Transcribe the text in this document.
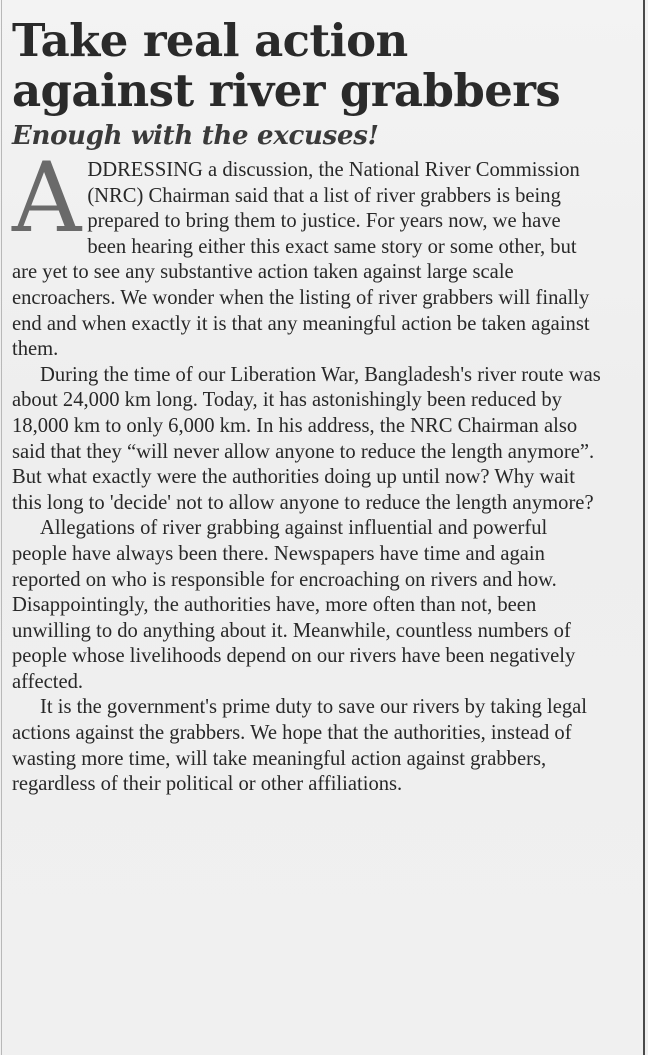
Take real action against river grabbers
Enough with the excuses!

ADDRESSING a discussion, the National River Commission (NRC) Chairman said that a list of river grabbers is being prepared to bring them to justice. For years now, we have been hearing either this exact same story or some other, but are yet to see any substantive action taken against large scale encroachers. We wonder when the listing of river grabbers will finally end and when exactly it is that any meaningful action be taken against them.

During the time of our Liberation War, Bangladesh's river route was about 24,000 km long. Today, it has astonishingly been reduced by 18,000 km to only 6,000 km. In his address, the NRC Chairman also said that they “will never allow anyone to reduce the length anymore”. But what exactly were the authorities doing up until now? Why wait this long to 'decide' not to allow anyone to reduce the length anymore?

Allegations of river grabbing against influential and powerful people have always been there. Newspapers have time and again reported on who is responsible for encroaching on rivers and how. Disappointingly, the authorities have, more often than not, been unwilling to do anything about it. Meanwhile, countless numbers of people whose livelihoods depend on our rivers have been negatively affected.

It is the government's prime duty to save our rivers by taking legal actions against the grabbers. We hope that the authorities, instead of wasting more time, will take meaningful action against grabbers, regardless of their political or other affiliations.
